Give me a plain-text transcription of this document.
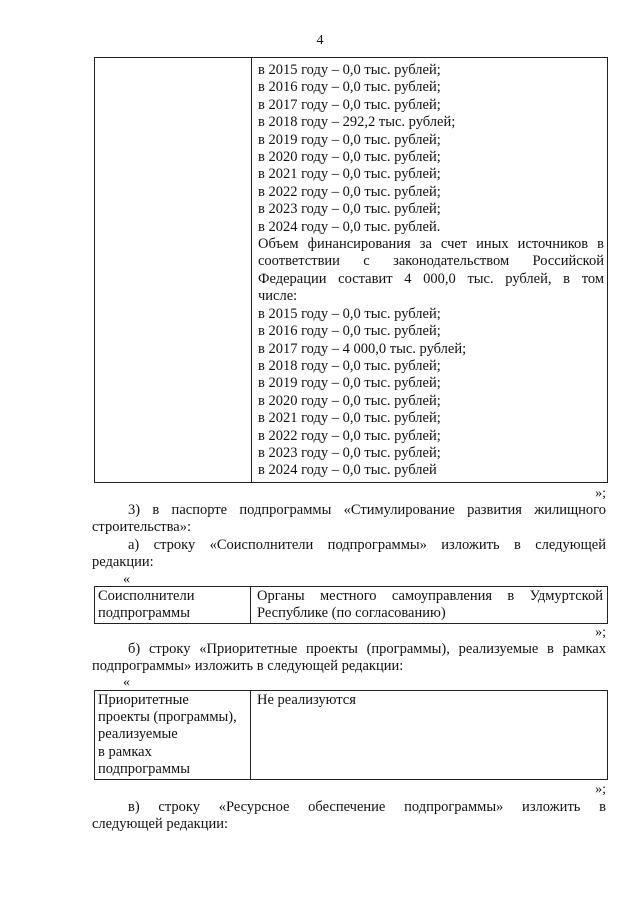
4
в 2015 году – 0,0 тыс. рублей;
в 2016 году – 0,0 тыс. рублей;
в 2017 году – 0,0 тыс. рублей;
в 2018 году – 292,2 тыс. рублей;
в 2019 году – 0,0 тыс. рублей;
в 2020 году – 0,0 тыс. рублей;
в 2021 году – 0,0 тыс. рублей;
в 2022 году – 0,0 тыс. рублей;
в 2023 году – 0,0 тыс. рублей;
в 2024 году – 0,0 тыс. рублей.
Объем финансирования за счет иных источников в
соответствии с законодательством Российской
Федерации составит 4 000,0 тыс. рублей, в том
числе:
в 2015 году – 0,0 тыс. рублей;
в 2016 году – 0,0 тыс. рублей;
в 2017 году – 4 000,0 тыс. рублей;
в 2018 году – 0,0 тыс. рублей;
в 2019 году – 0,0 тыс. рублей;
в 2020 году – 0,0 тыс. рублей;
в 2021 году – 0,0 тыс. рублей;
в 2022 году – 0,0 тыс. рублей;
в 2023 году – 0,0 тыс. рублей;
в 2024 году – 0,0 тыс. рублей
»;
3) в паспорте подпрограммы «Стимулирование развития жилищного
строительства»:
а) строку «Соисполнители подпрограммы» изложить в следующей
редакции:
«
Соисполнители
подпрограммы
Органы местного самоуправления в Удмуртской
Республике (по согласованию)
»;
б) строку «Приоритетные проекты (программы), реализуемые в рамках
подпрограммы» изложить в следующей редакции:
«
Приоритетные
проекты (программы),
реализуемые
в рамках
подпрограммы
Не реализуются
»;
в) строку «Ресурсное обеспечение подпрограммы» изложить в
следующей редакции:
